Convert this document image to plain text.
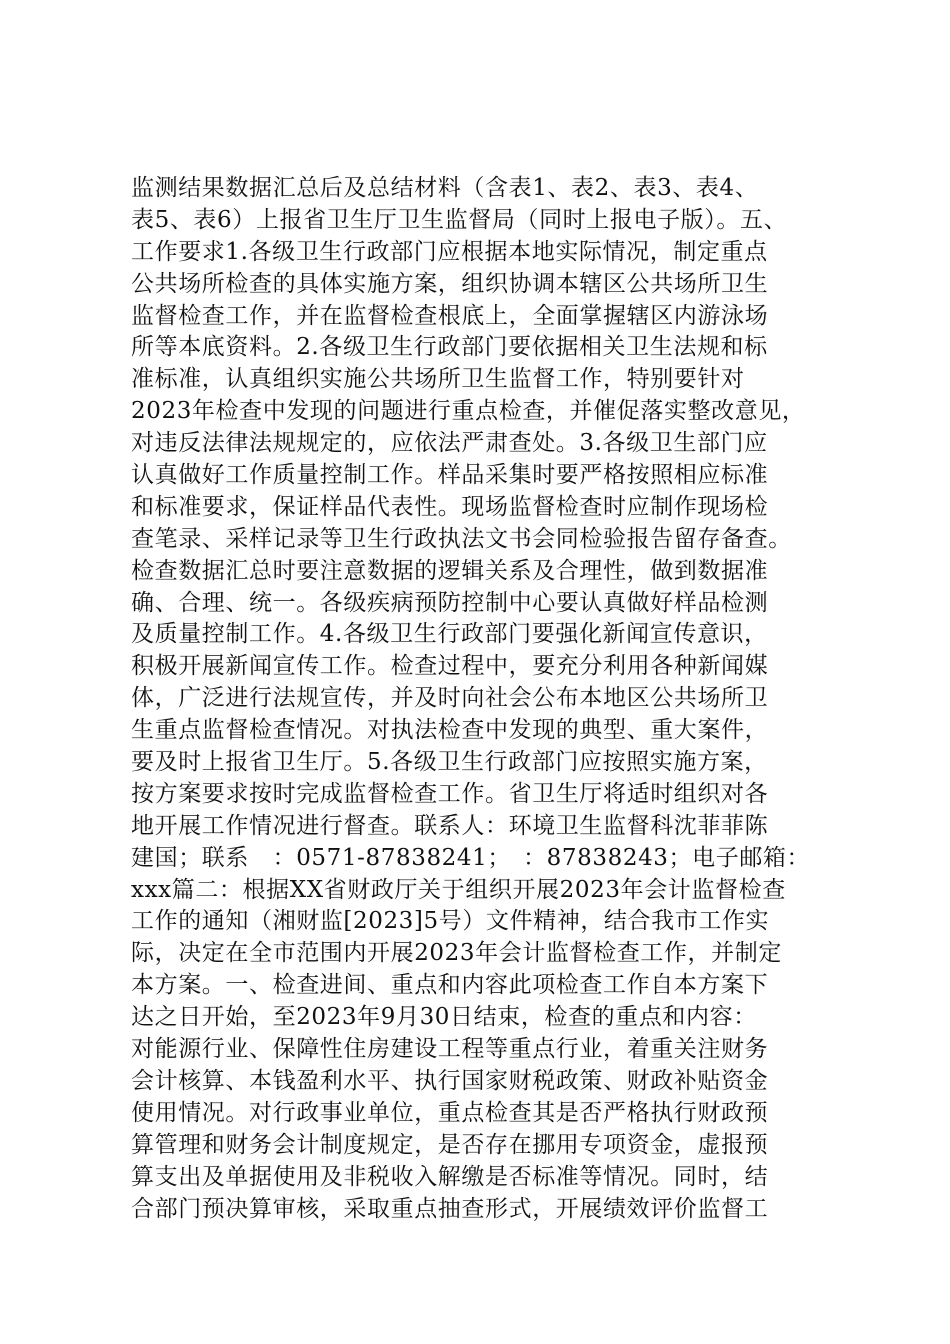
监测结果数据汇总后及总结材料（含表1、表2、表3、表4、
表5、表6）上报省卫生厅卫生监督局（同时上报电子版）。五、
工作要求1.各级卫生行政部门应根据本地实际情况，制定重点
公共场所检查的具体实施方案，组织协调本辖区公共场所卫生
监督检查工作，并在监督检查根底上，全面掌握辖区内游泳场
所等本底资料。2.各级卫生行政部门要依据相关卫生法规和标
准标准，认真组织实施公共场所卫生监督工作，特别要针对
2023年检查中发现的问题进行重点检查，并催促落实整改意见，
对违反法律法规规定的，应依法严肃查处。3.各级卫生部门应
认真做好工作质量控制工作。样品采集时要严格按照相应标准
和标准要求，保证样品代表性。现场监督检查时应制作现场检
查笔录、采样记录等卫生行政执法文书会同检验报告留存备查。
检查数据汇总时要注意数据的逻辑关系及合理性，做到数据准
确、合理、统一。各级疾病预防控制中心要认真做好样品检测
及质量控制工作。4.各级卫生行政部门要强化新闻宣传意识，
积极开展新闻宣传工作。检查过程中，要充分利用各种新闻媒
体，广泛进行法规宣传，并及时向社会公布本地区公共场所卫
生重点监督检查情况。对执法检查中发现的典型、重大案件，
要及时上报省卫生厅。5.各级卫生行政部门应按照实施方案，
按方案要求按时完成监督检查工作。省卫生厅将适时组织对各
地开展工作情况进行督查。联系人：环境卫生监督科沈菲菲陈
建国；联系　：0571-87838241；　：87838243；电子邮箱：
xxx篇二：根据XX省财政厅关于组织开展2023年会计监督检查
工作的通知（湘财监[2023]5号）文件精神，结合我市工作实
际，决定在全市范围内开展2023年会计监督检查工作，并制定
本方案。一、检查进间、重点和内容此项检查工作自本方案下
达之日开始，至2023年9月30日结束，检查的重点和内容：
对能源行业、保障性住房建设工程等重点行业，着重关注财务
会计核算、本钱盈利水平、执行国家财税政策、财政补贴资金
使用情况。对行政事业单位，重点检查其是否严格执行财政预
算管理和财务会计制度规定，是否存在挪用专项资金，虚报预
算支出及单据使用及非税收入解缴是否标准等情况。同时，结
合部门预决算审核，采取重点抽查形式，开展绩效评价监督工
